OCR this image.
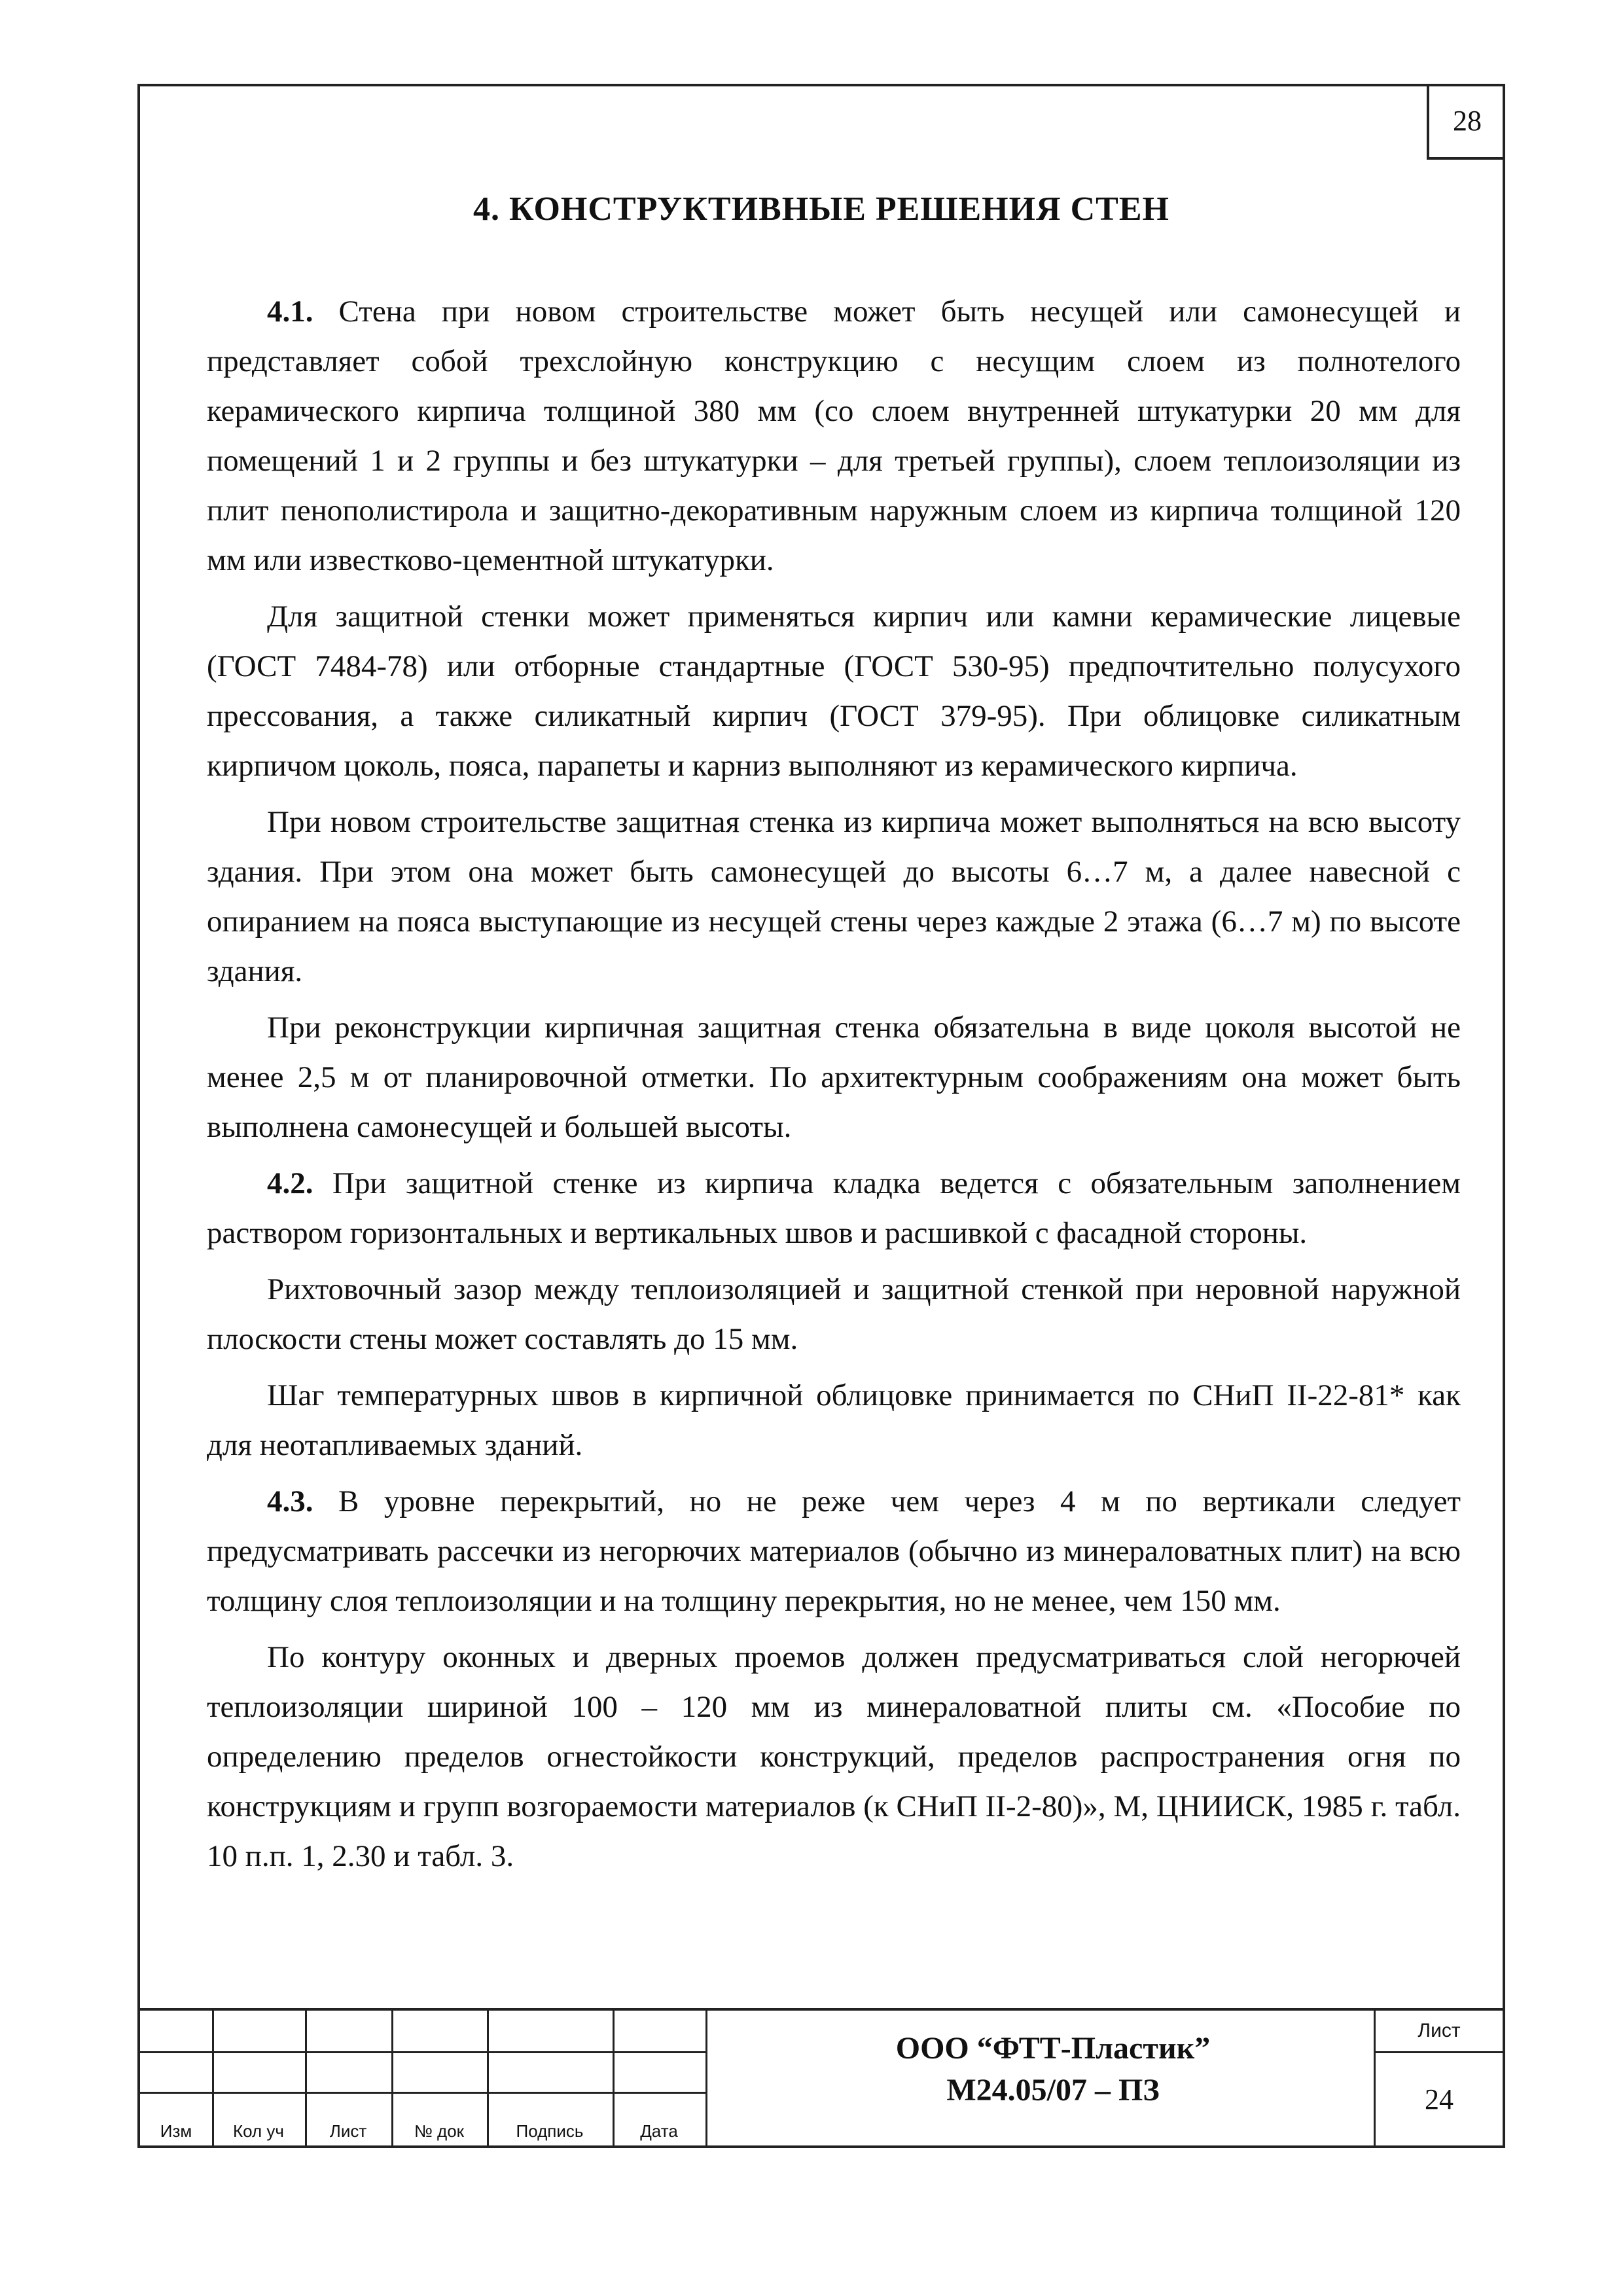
28
4. КОНСТРУКТИВНЫЕ РЕШЕНИЯ СТЕН

4.1. Стена при новом строительстве может быть несущей или самонесущей и представляет собой трехслойную конструкцию с несущим слоем из полнотелого керамического кирпича толщиной 380 мм (со слоем внутренней штукатурки 20 мм для помещений 1 и 2 группы и без штукатурки – для третьей группы), слоем теплоизоляции из плит пенополистирола и защитно-декоративным наружным слоем из кирпича толщиной 120 мм или известково-цементной штукатурки.

Для защитной стенки может применяться кирпич или камни керамические лицевые (ГОСТ 7484-78) или отборные стандартные (ГОСТ 530-95) предпочтительно полусухого прессования, а также силикатный кирпич (ГОСТ 379-95). При облицовке силикатным кирпичом цоколь, пояса, парапеты и карниз выполняют из керамического кирпича.

При новом строительстве защитная стенка из кирпича может выполняться на всю высоту здания. При этом она может быть самонесущей до высоты 6…7 м, а далее навесной с опиранием на пояса выступающие из несущей стены через каждые 2 этажа (6…7 м) по высоте здания.

При реконструкции кирпичная защитная стенка обязательна в виде цоколя высотой не менее 2,5 м от планировочной отметки. По архитектурным соображениям она может быть выполнена самонесущей и большей высоты.

4.2. При защитной стенке из кирпича кладка ведется с обязательным заполнением раствором горизонтальных и вертикальных швов и расшивкой с фасадной стороны.

Рихтовочный зазор между теплоизоляцией и защитной стенкой при неровной наружной плоскости стены может составлять до 15 мм.

Шаг температурных швов в кирпичной облицовке принимается по СНиП II-22-81* как для неотапливаемых зданий.

4.3. В уровне перекрытий, но не реже чем через 4 м по вертикали следует предусматривать рассечки из негорючих материалов (обычно из минераловатных плит) на всю толщину слоя теплоизоляции и на толщину перекрытия, но не менее, чем 150 мм.

По контуру оконных и дверных проемов должен предусматриваться слой негорючей теплоизоляции шириной 100 – 120 мм из минераловатной плиты см. «Пособие по определению пределов огнестойкости конструкций, пределов распространения огня по конструкциям и групп возгораемости материалов (к СНиП II-2-80)», М, ЦНИИСК, 1985 г. табл. 10 п.п. 1, 2.30 и табл. 3.

Изм	Кол уч	Лист	№ док	Подпись	Дата
ООО “ФТТ-Пластик”
М24.05/07 – ПЗ
Лист
24
